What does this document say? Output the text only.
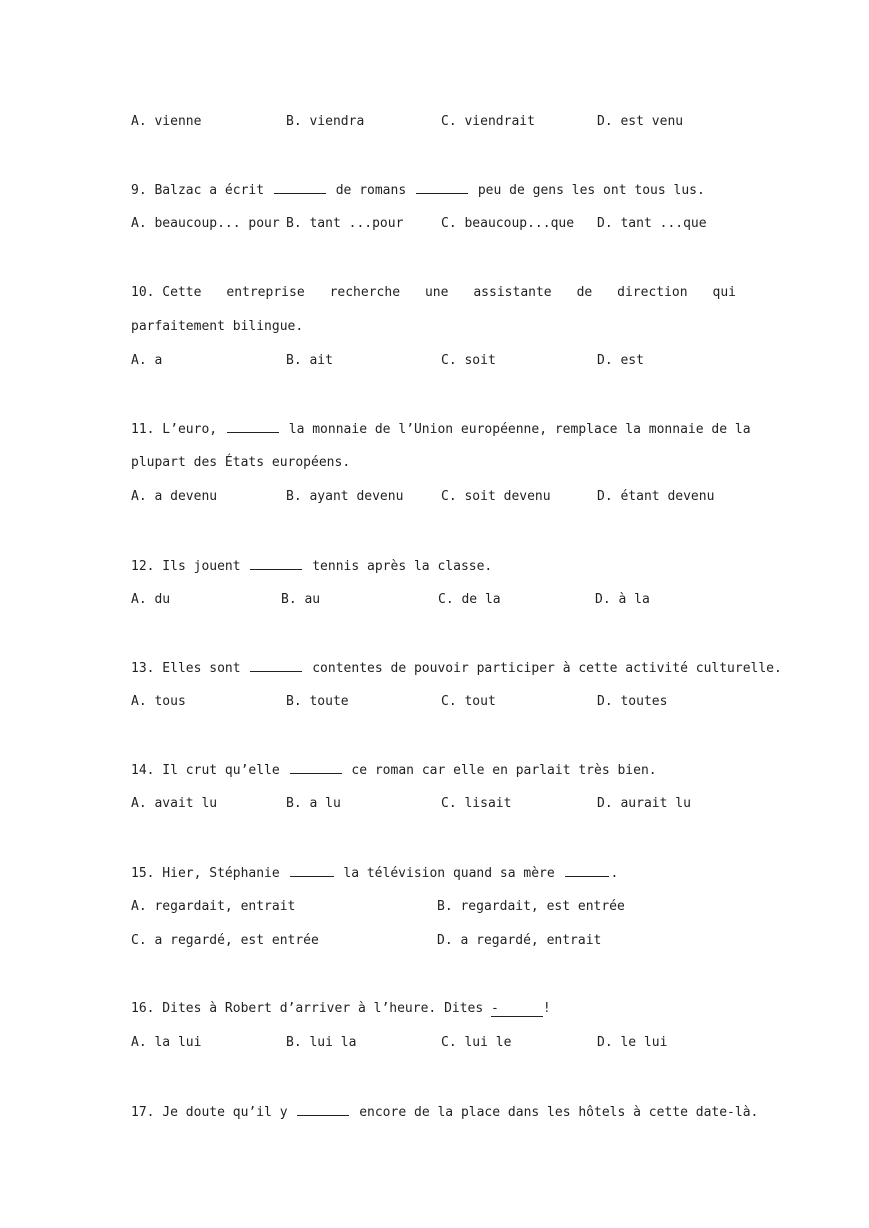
A. vienne	B. viendra	C. viendrait	D. est venu
9. Balzac a écrit	de romans	peu de gens les ont tous lus.
A. beaucoup... pour B. tant ...pour	C. beaucoup...que D. tant ...que
10. Cette entreprise recherche une assistante de direction qui
parfaitement bilingue.
A. a	B. ait	C. soit	D. est
11. L’euro,	la monnaie de l’Union européenne, remplace la monnaie de la
plupart des États européens.
A. a devenu	B. ayant devenu	C. soit devenu	D. étant devenu
12. Ils jouent	tennis après la classe.
A. du	B. au	C. de la	D. à la
13. Elles sont	contentes de pouvoir participer à cette activité culturelle.
A. tous	B. toute	C. tout	D. toutes
14. Il crut qu’elle	ce roman car elle en parlait très bien.
A. avait lu	B. a lu	C. lisait	D. aurait lu
15. Hier, Stéphanie	la télévision quand sa mère	.
A. regardait, entrait	B. regardait, est entrée
C. a regardé, est entrée	D. a regardé, entrait
16. Dites à Robert d’arriver à l’heure. Dites -	!
A. la lui	B. lui la	C. lui le	D. le lui
17. Je doute qu’il y	encore de la place dans les hôtels à cette date-là.
